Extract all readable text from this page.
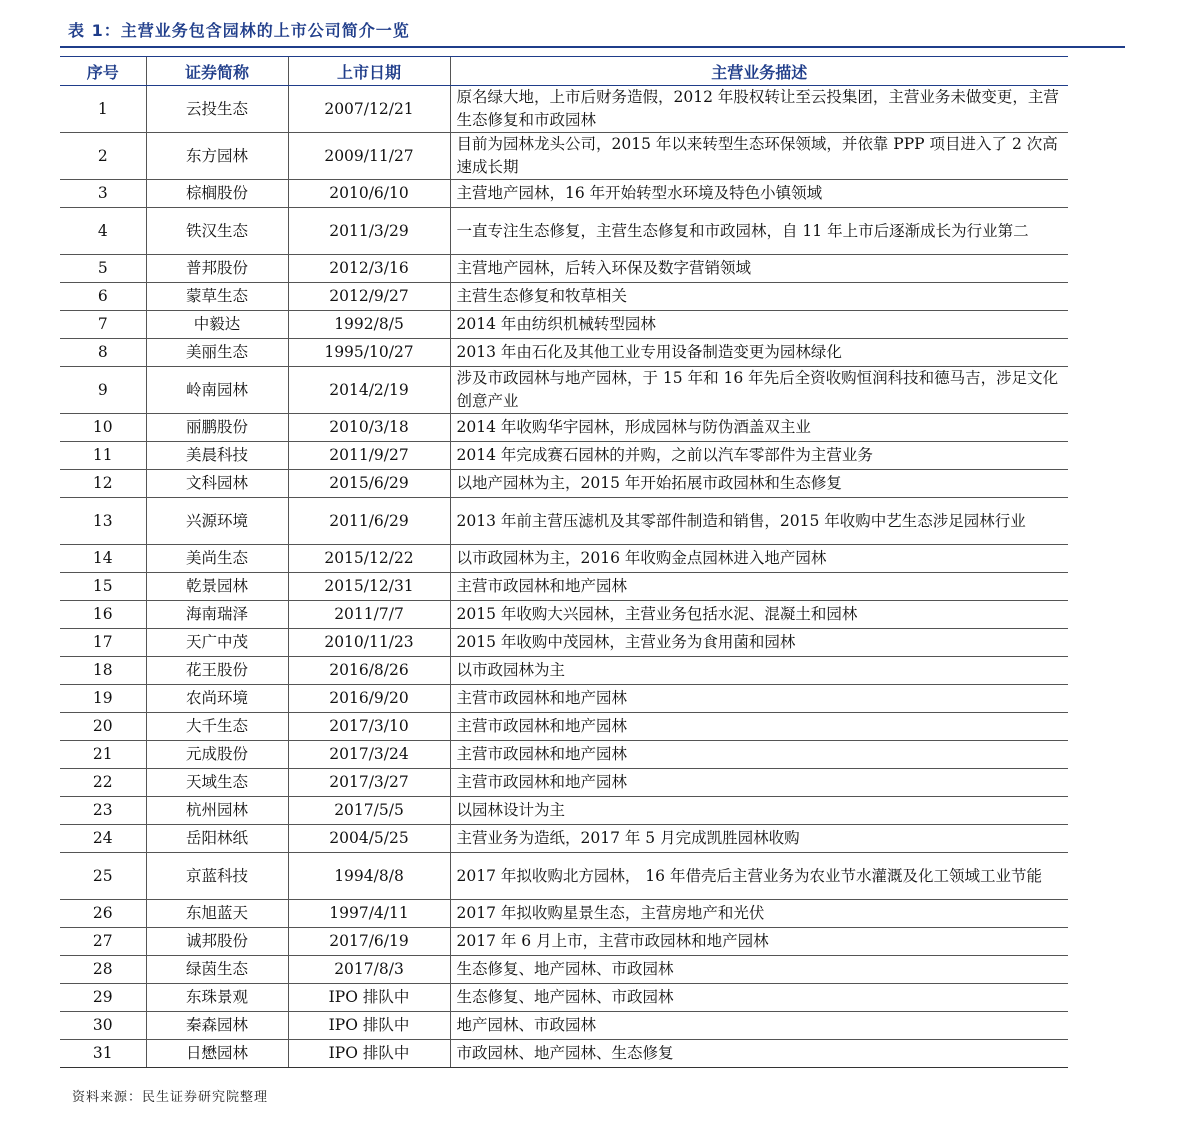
表 1：主营业务包含园林的上市公司简介一览
序号	证券简称	上市日期	主营业务描述
1	云投生态	2007/12/21	原名绿大地，上市后财务造假，2012 年股权转让至云投集团，主营业务未做变更，主营生态修复和市政园林
2	东方园林	2009/11/27	目前为园林龙头公司，2015 年以来转型生态环保领域，并依靠 PPP 项目进入了 2 次高速成长期
3	棕榈股份	2010/6/10	主营地产园林，16 年开始转型水环境及特色小镇领域
4	铁汉生态	2011/3/29	一直专注生态修复，主营生态修复和市政园林，自 11 年上市后逐渐成长为行业第二
5	普邦股份	2012/3/16	主营地产园林，后转入环保及数字营销领域
6	蒙草生态	2012/9/27	主营生态修复和牧草相关
7	中毅达	1992/8/5	2014 年由纺织机械转型园林
8	美丽生态	1995/10/27	2013 年由石化及其他工业专用设备制造变更为园林绿化
9	岭南园林	2014/2/19	涉及市政园林与地产园林，于 15 年和 16 年先后全资收购恒润科技和德马吉，涉足文化创意产业
10	丽鹏股份	2010/3/18	2014 年收购华宇园林，形成园林与防伪酒盖双主业
11	美晨科技	2011/9/27	2014 年完成赛石园林的并购，之前以汽车零部件为主营业务
12	文科园林	2015/6/29	以地产园林为主，2015 年开始拓展市政园林和生态修复
13	兴源环境	2011/6/29	2013 年前主营压滤机及其零部件制造和销售，2015 年收购中艺生态涉足园林行业
14	美尚生态	2015/12/22	以市政园林为主，2016 年收购金点园林进入地产园林
15	乾景园林	2015/12/31	主营市政园林和地产园林
16	海南瑞泽	2011/7/7	2015 年收购大兴园林，主营业务包括水泥、混凝土和园林
17	天广中茂	2010/11/23	2015 年收购中茂园林，主营业务为食用菌和园林
18	花王股份	2016/8/26	以市政园林为主
19	农尚环境	2016/9/20	主营市政园林和地产园林
20	大千生态	2017/3/10	主营市政园林和地产园林
21	元成股份	2017/3/24	主营市政园林和地产园林
22	天域生态	2017/3/27	主营市政园林和地产园林
23	杭州园林	2017/5/5	以园林设计为主
24	岳阳林纸	2004/5/25	主营业务为造纸，2017 年 5 月完成凯胜园林收购
25	京蓝科技	1994/8/8	2017 年拟收购北方园林， 16 年借壳后主营业务为农业节水灌溉及化工领域工业节能
26	东旭蓝天	1997/4/11	2017 年拟收购星景生态，主营房地产和光伏
27	诚邦股份	2017/6/19	2017 年 6 月上市，主营市政园林和地产园林
28	绿茵生态	2017/8/3	生态修复、地产园林、市政园林
29	东珠景观	IPO 排队中	生态修复、地产园林、市政园林
30	秦森园林	IPO 排队中	地产园林、市政园林
31	日懋园林	IPO 排队中	市政园林、地产园林、生态修复
资料来源：民生证券研究院整理
